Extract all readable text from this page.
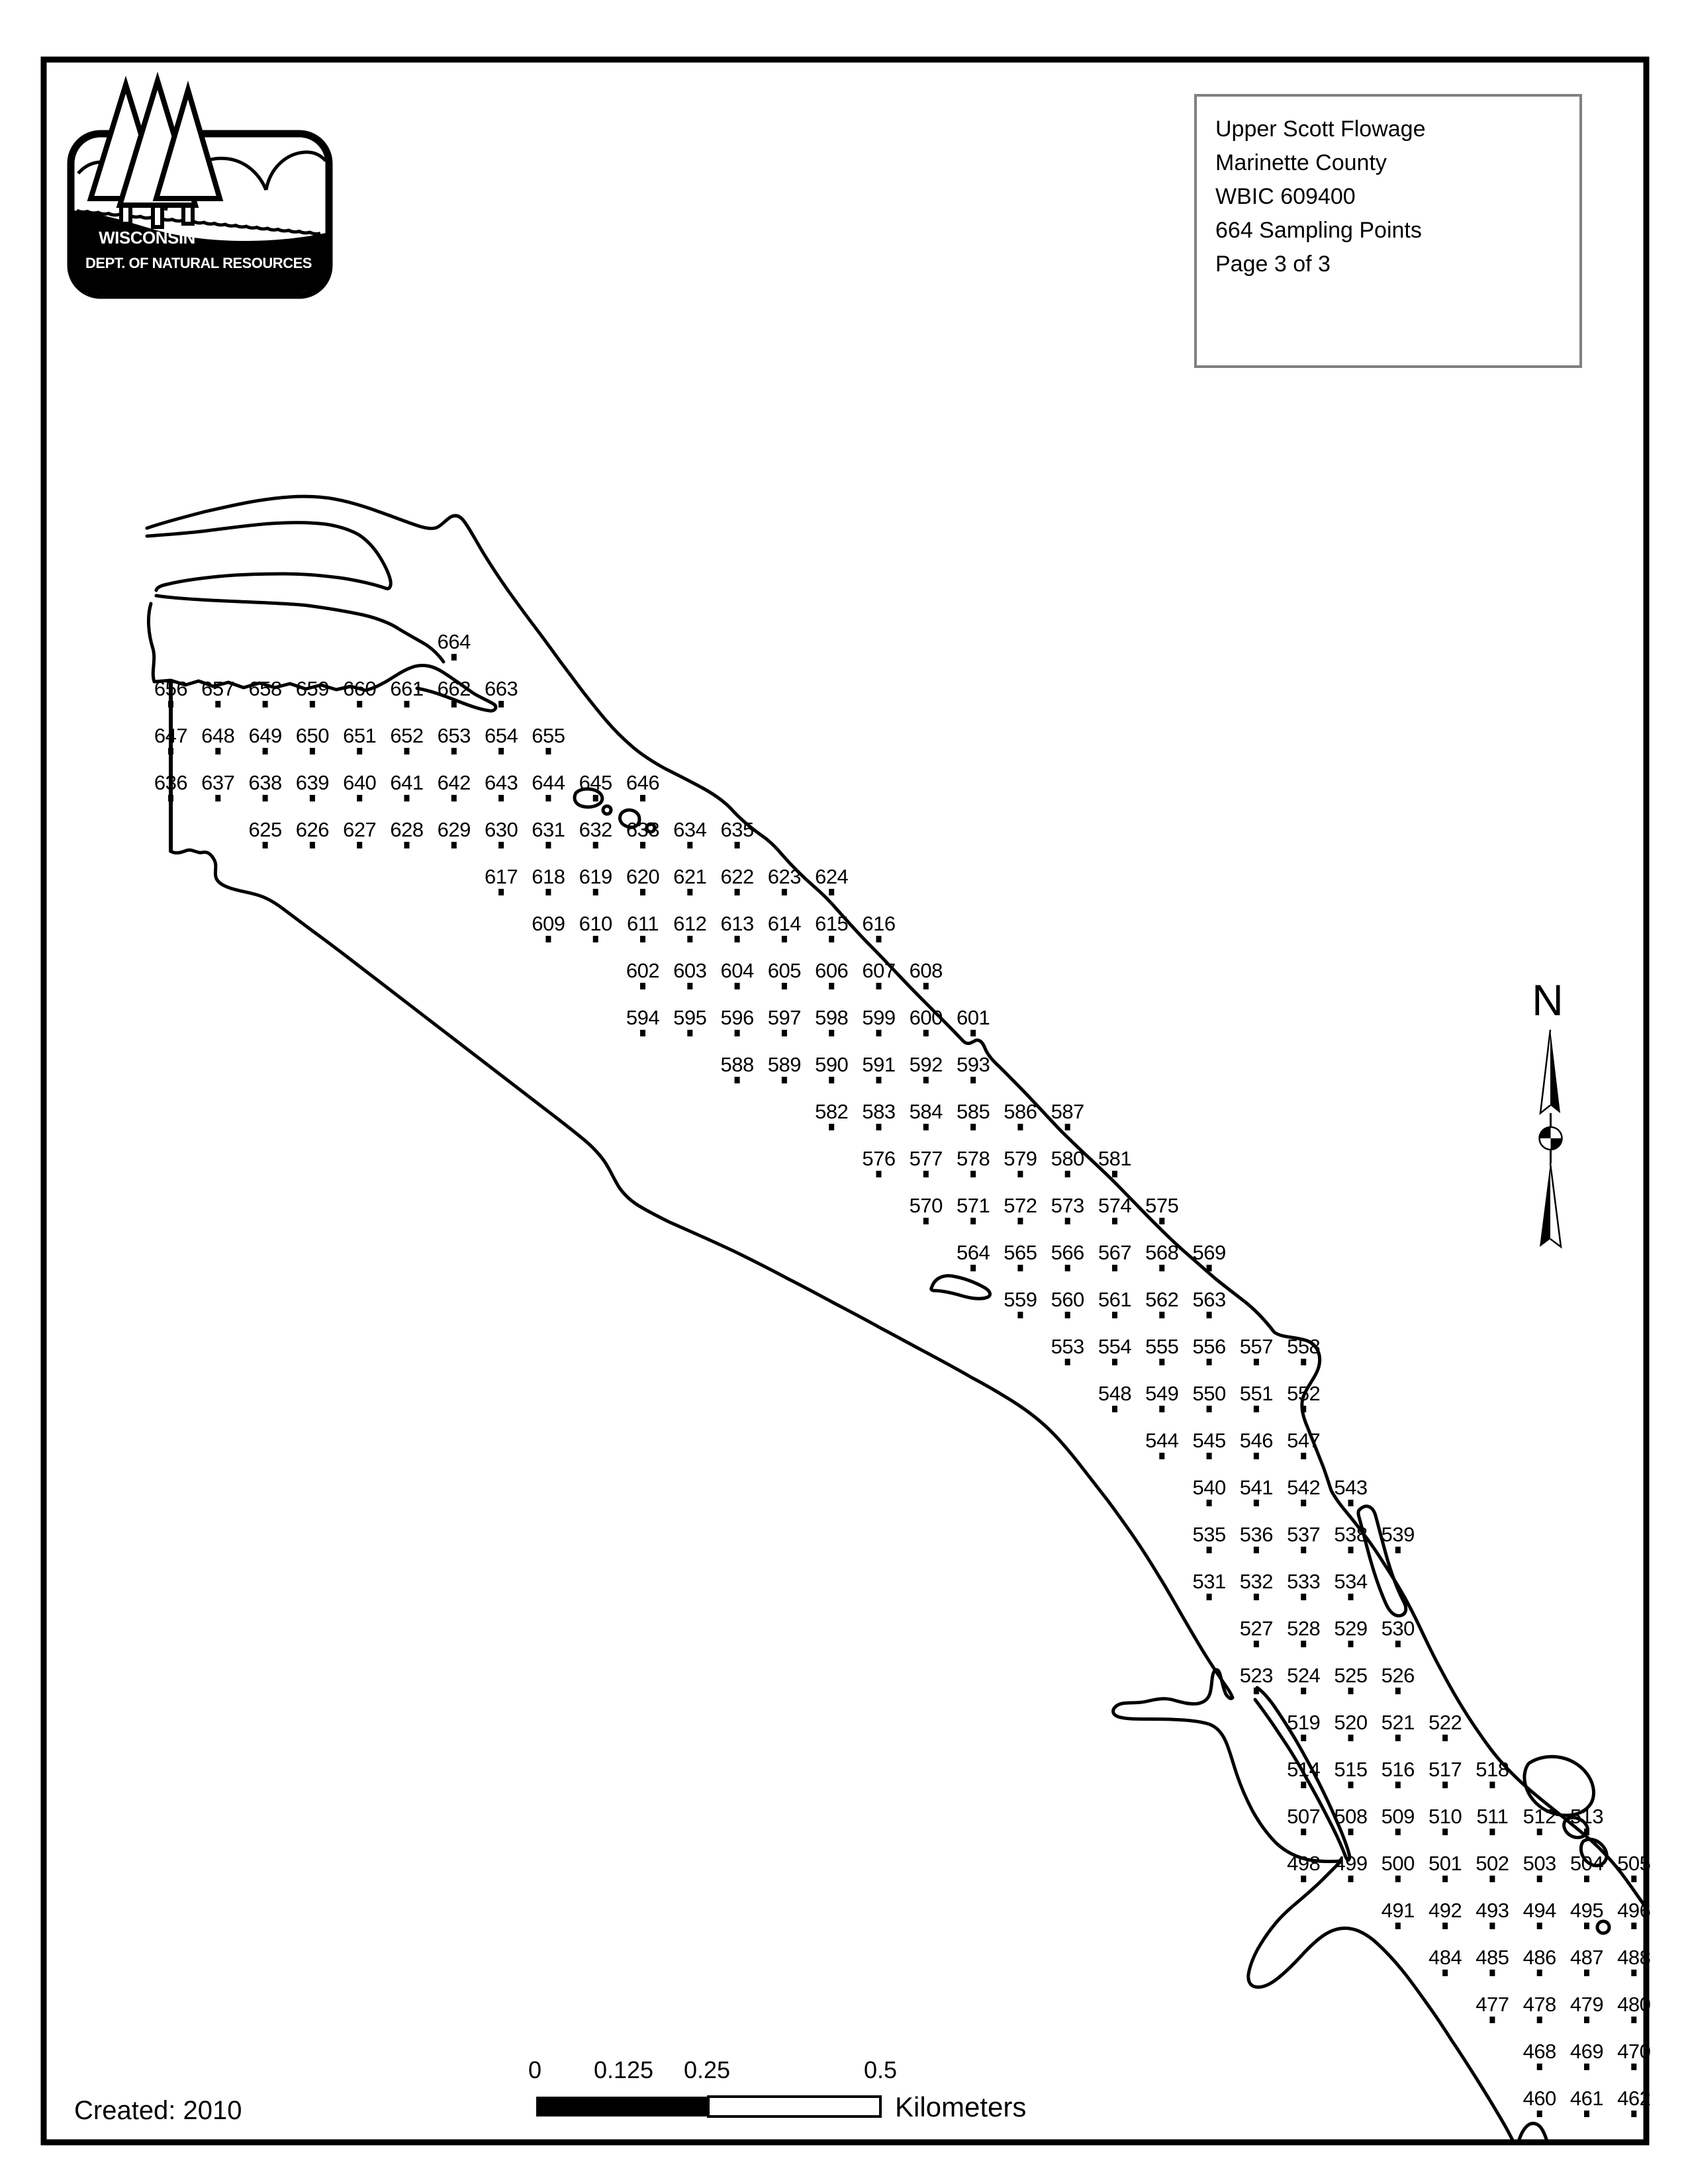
WISCONSIN
DEPT. OF NATURAL RESOURCES
Upper Scott Flowage
Marinette County
WBIC 609400
664 Sampling Points
Page 3 of 3
664
656 657 658 659 660 661 662 663
647 648 649 650 651 652 653 654 655
636 637 638 639 640 641 642 643 644 645 646
625 626 627 628 629 630 631 632 633 634 635
617 618 619 620 621 622 623 624
609 610 611 612 613 614 615 616
602 603 604 605 606 607 608
594 595 596 597 598 599 600 601
588 589 590 591 592 593
582 583 584 585 586 587
576 577 578 579 580 581
570 571 572 573 574 575
564 565 566 567 568 569
559 560 561 562 563
553 554 555 556 557 558
548 549 550 551 552
544 545 546 547
540 541 542 543
535 536 537 538 539
531 532 533 534
527 528 529 530
523 524 525 526
519 520 521 522
514 515 516 517 518
507 508 509 510 511 512 513
498 499 500 501 502 503 504 505
491 492 493 494 495 496
484 485 486 487 488
477 478 479 480
468 469 470
460 461 462
N
0 0.125 0.25	0.5
Kilometers
Created: 2010
